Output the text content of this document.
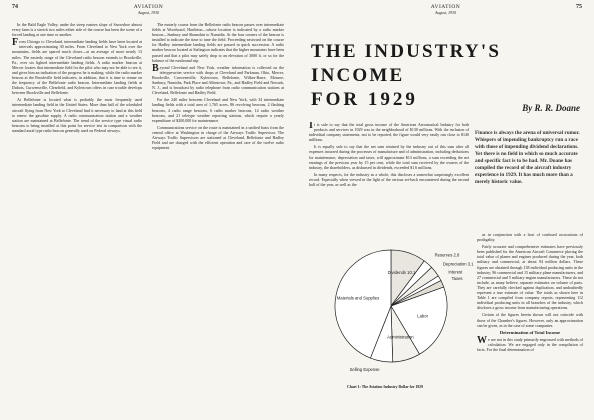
74	AVIATION
August, 1930

In the Bald Eagle Valley, under the steep eastern slope of Snowshoe almost every farm is a stretch two miles either side of the course has been the scene of a forced landing at one time or another.

From Chicago to Cleveland, intermediate landing fields have been located at intervals approximating 30 miles. From Cleveland to New York over the mountains, fields are spaced much closer—at an average of more nearly 13 miles. The easterly range of the Cleveland radio beacon extends to Brookville, Pa., over six lighted intermediate landing fields. A radio marker beacon at Mercer locates that intermediate field for the pilot who may not be able to see it, and gives him an indication of the progress he is making; while the radio marker beacon at the Brookville field indicates, in addition, that it is time to retune on the frequency of the Bellefonte radio beacon. Intermediate landing fields at Dubois, Curwensville, Clearfield, and Kylertown offers in case trouble develops between Brookville and Bellefonte.

At Bellefonte is located what is probably the most frequently used intermediate landing field in the United States. More than half of the scheduled aircraft flying from New York to Cleveland find it necessary to land at this field to renew the gasoline supply. A radio communication station and a weather station are maintained at Bellefonte. The trend of the service type visual radio beacons is being installed at this point for service test in comparison with the standard aural type radio beacon generally used on Federal airways.

The easterly course from the Bellefonte radio beacon passes over intermediate fields at Woodward, Hartleton—whose location is indicated by a radio marker beacon—Sunbury and Shamokin to Numidia. At the four corners of the beacon is installed to indicate the time to tune the field. Proceeding eastward on the course for Hadley intermediate landing fields are passed in quick succession. A radio marker beacon located at Stalington indicates that the higher mountains have been passed and that a pilot may safely drop to an elevation of 3000 ft. or so for the balance of the eastbound trip.

Beyond Cleveland and New York, weather information is collected on the teletypewriter service with drops at Cleveland and Parkman, Ohio, Mercer, Brookville, Curwensville, Kylertown, Bellefonte, Wilkes-Barre, Monroe, Sunbury, Numidia, Park Place and Allentown, Pa., and Hadley Field and Newark, N. J., and is broadcast by radio telephone from radio communication stations at Cleveland, Bellefonte and Hadley Field.

For the 240 miles between Cleveland and New York, with 34 intermediate landing fields with a total area of 1,765 acres, 86 revolving beacons, 2 flashing beacons, 4 radio range beacons, 6 radio marker beacons, 14 radio weather beacons, and 21 teletype weather reporting stations, which require a yearly expenditure of $200,000 for maintenance.

Communications service on the route is maintained in a unified basis from the central office at Washington in charge of the Airways Traffic Supervisor. The Airways Traffic Supervisors are stationed at Cleveland, Bellefonte and Hadley Field and are charged with the efficient operation and care of the twelve radio equipment.

AVIATION
August, 1930
75
THE INDUSTRY'S INCOME
FOR 1929	By R. R. Doane

It is safe to say that the total gross income of the American Aeronautical Industry for both products and services in 1929 was in the neighborhood of $130 millions. With the inclusion of individual company statements, not to be reported, the figure would very easily run close to $140 millions.

It is equally safe to say that the net sum retained by the industry out of this sum after all expenses incurred during the processes of manufacture and of administration, including deductions for maintenance, depreciation and taxes, will approximate $13 millions, a sum exceeding the net earnings of the previous year by 15 per cent, while the total sum received by the owners of the industry, the shareholders, as disbursed in dividends, exceeded $1.6 millions.

In many respects, for the industry as a whole, this discloses a somewhat surprisingly excellent record. Especially when viewed in the light of the serious set-back encountered during the second half of the year, as well as the

Finance is always the arena of universal rumor. Whispers of impending bankruptcy run a race with those of impending dividend declarations. Yet there is no field in which so much accurate and specific fact is to be had. Mr. Doane has compiled the record of the aircraft industry experience in 1929. It has much more than a merely historic value.

as in conjunction with a host of confused accusations of prodigality.

Fairly accurate and comprehensive estimates have previously been published for the American Aircraft Commerce placing the total value of planes and engines produced during the year, both military and commercial, at about 94 million dollars. These figures are obtained through 138 individual producing units in the industry; 96 commercial and 15 military plane manufacturers, and 27 commercial and 5 military engine manufacturers. These do not include, as many believe, separate estimates on volume of parts. They are carefully checked against duplication, and undoubtedly represent a true estimate of value. The totals as shown here in Table 1 are compiled from company reports, representing 112 individual producing units in all branches of the industry, which discloses a gross income from manufacturing operations.

Certain of the figures herein shown will not coincide with those of the Chamber's figures. However, only an approximation can be given, as in the case of some companies.

Determination of Total Income

We are not in this study primarily engrossed with methods of calculation. We are engaged only in the compilation of facts. For the final determination of

Dividends 10.1
Reserves 2.8
Depreciation 3.1
Interest
Taxes
Labor
Administration
Selling Expense
Materials and Supplies
Chart 1: The Aviation Industry Dollar for 1929
